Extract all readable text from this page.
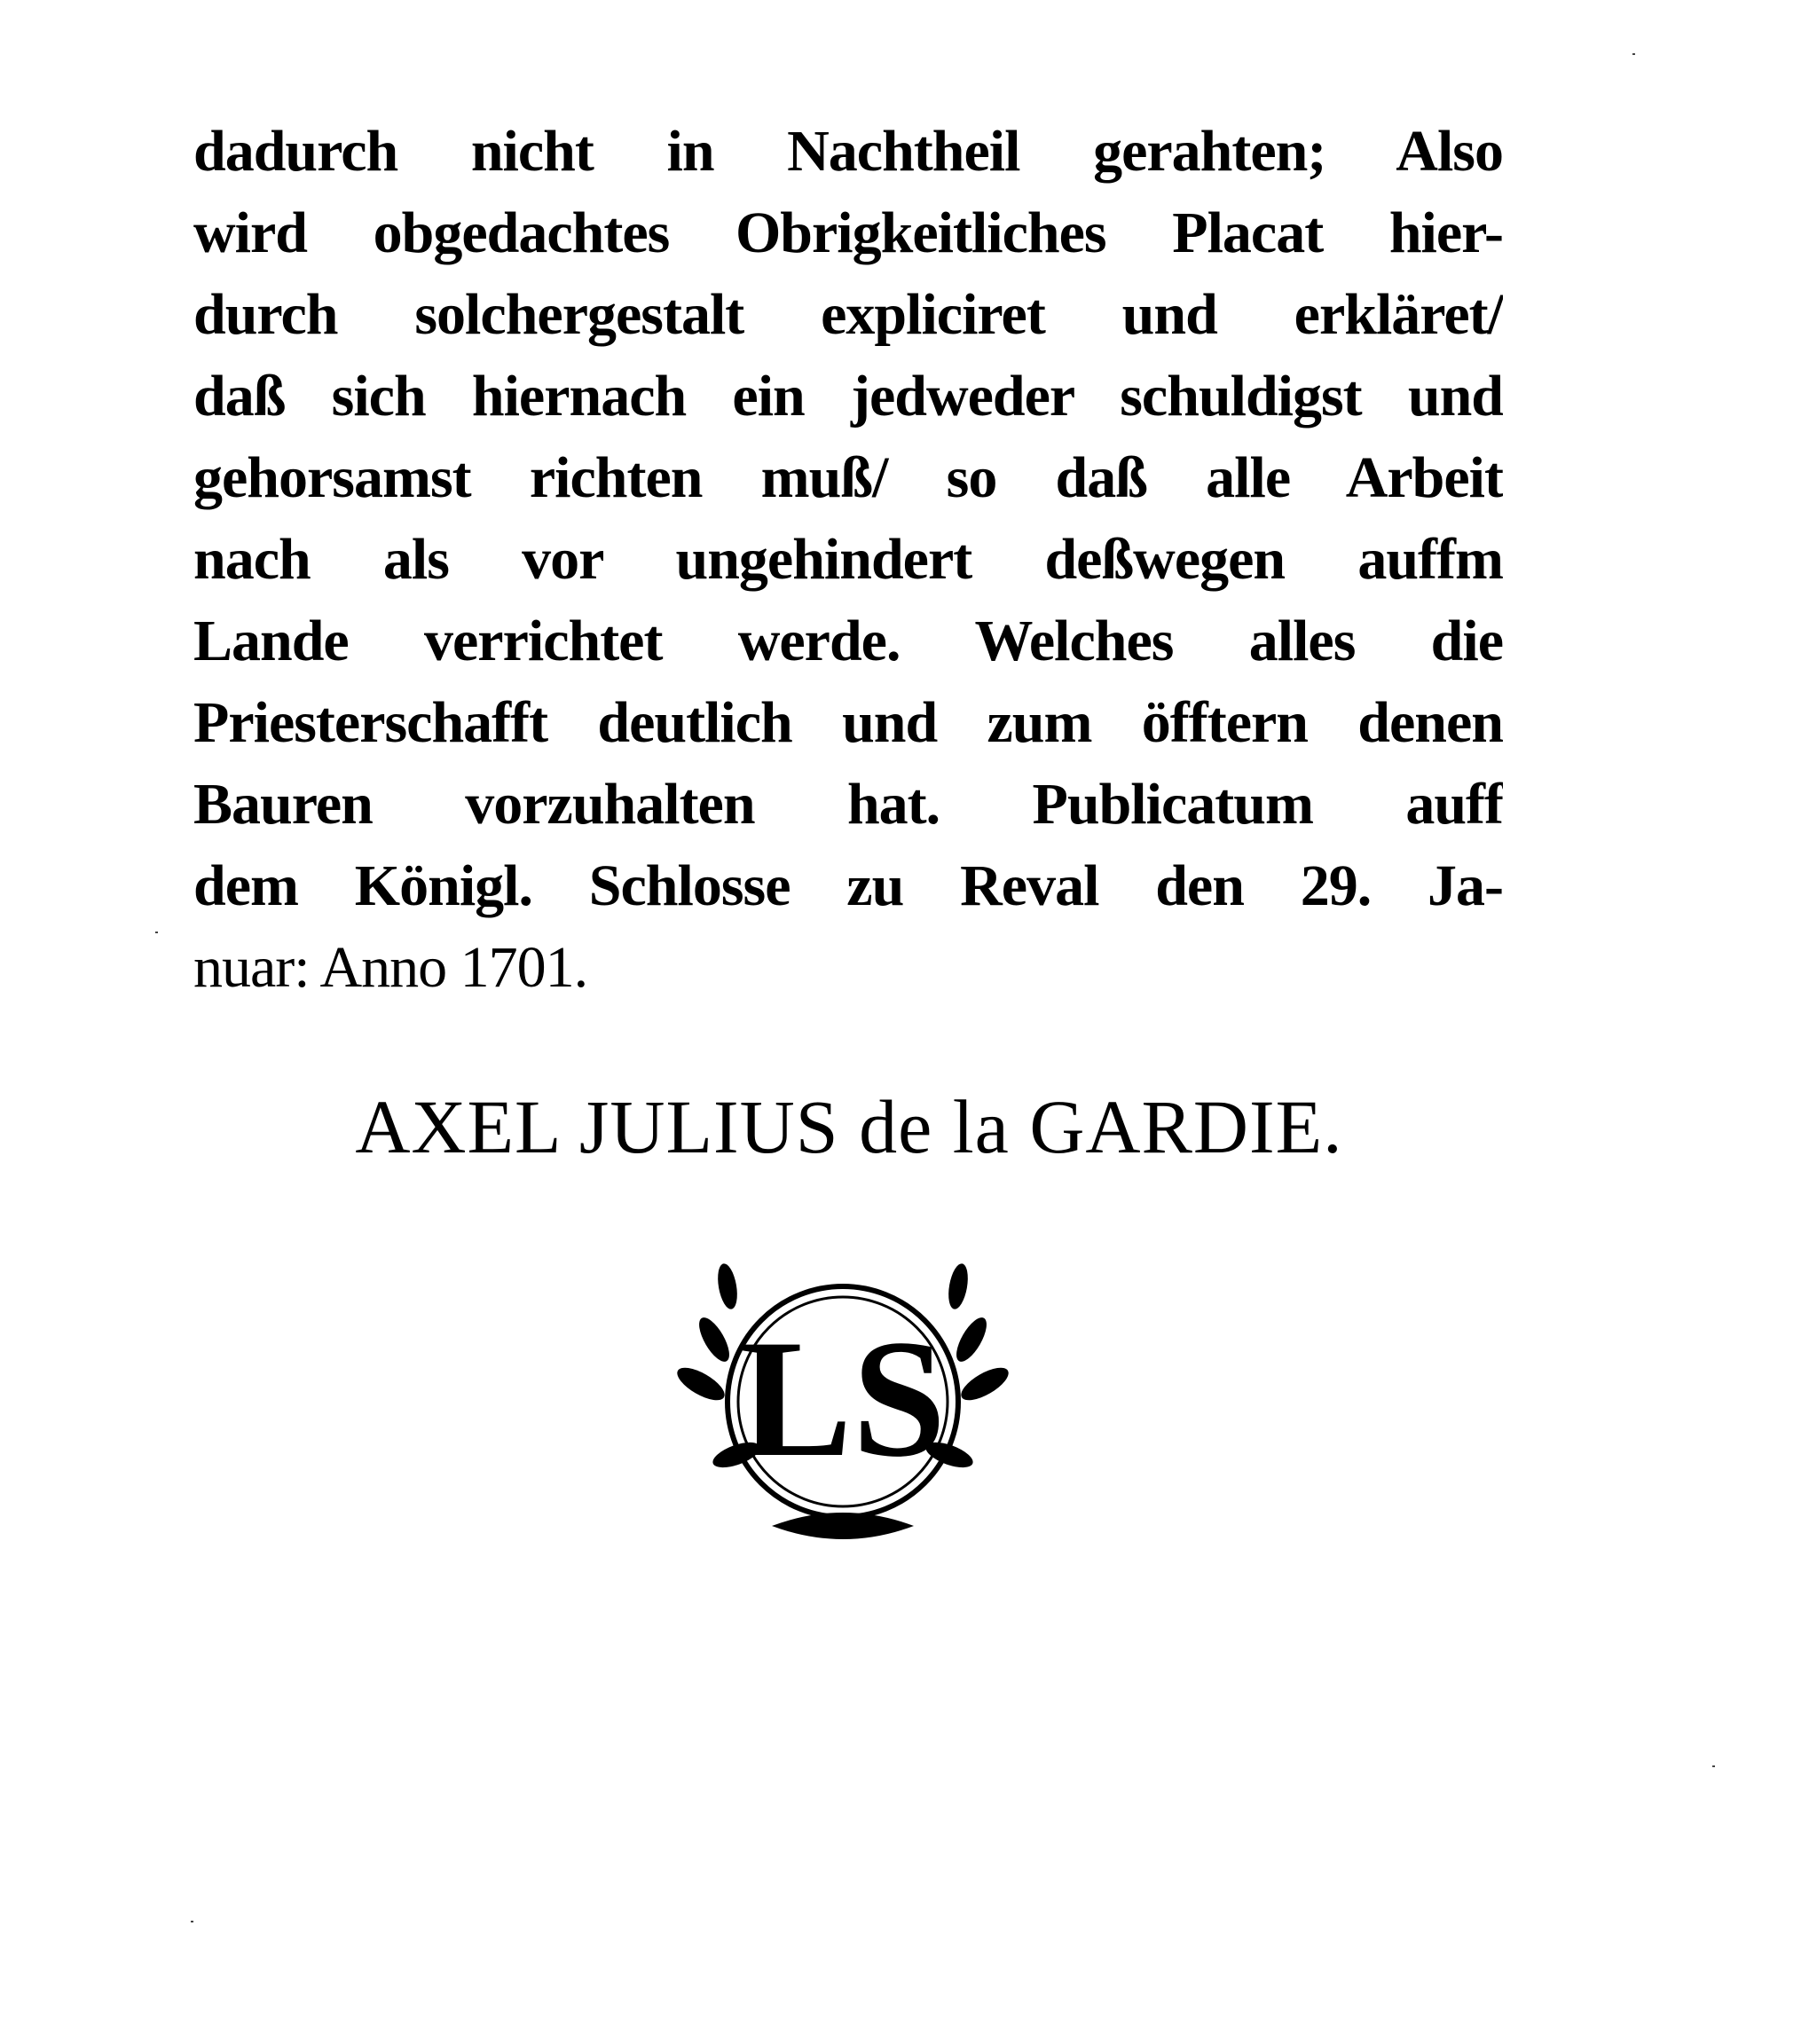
dadurch nicht in Nachtheil gerahten; Also
wird obgedachtes Obrigkeitliches Placat hier-
durch solchergestalt expliciret und erkläret/
daß sich hiernach ein jedweder schuldigst und
gehorsamst richten muß/ so daß alle Arbeit
nach als vor ungehindert deßwegen auffm
Lande verrichtet werde. Welches alles die
Priesterschafft deutlich und zum öfftern denen
Bauren vorzuhalten hat. Publicatum auff
dem Königl. Schlosse zu Reval den 29. Ja-
nuar: Anno 1701.
AXEL JULIUS de la GARDIE.
LS
